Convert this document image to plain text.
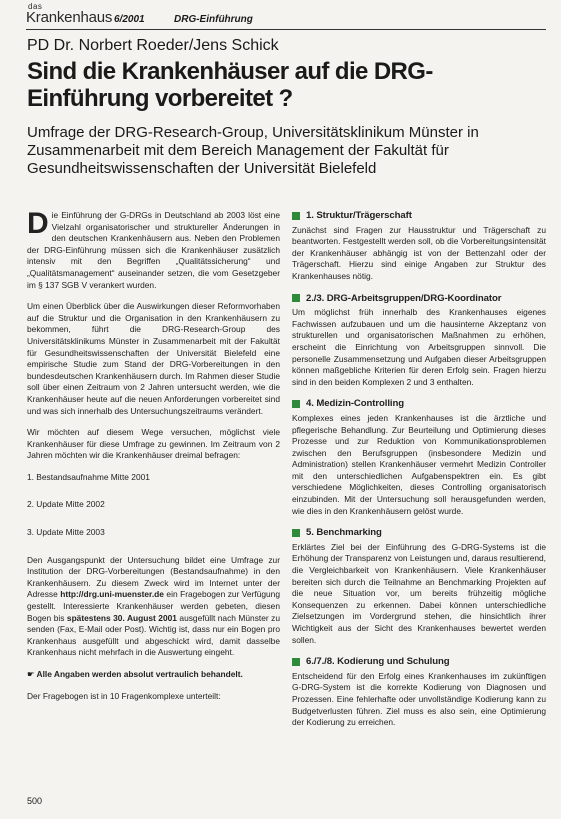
das
Krankenhaus 6/2001	DRG-Einführung
PD Dr. Norbert Roeder/Jens Schick
Sind die Krankenhäuser auf die DRG-Einführung vorbereitet ?

Umfrage der DRG-Research-Group, Universitätsklinikum Münster in Zusammenarbeit mit dem Bereich Management der Fakultät für Gesundheitswissenschaften der Universität Bielefeld

Die Einführung der G-DRGs in Deutschland ab 2003 löst eine Vielzahl organisatorischer und struktureller Änderungen in den deutschen Krankenhäusern aus. Neben den Problemen der DRG-Einführung müssen sich die Krankenhäuser zusätzlich intensiv mit den Begriffen „Qualitätssicherung“ und „Qualitätsmanagement“ auseinander setzen, die vom Gesetzgeber im § 137 SGB V verankert wurden.

Um einen Überblick über die Auswirkungen dieser Reformvorhaben auf die Struktur und die Organisation in den Krankenhäusern zu bekommen, führt die DRG-Research-Group des Universitätsklinikums Münster in Zusammenarbeit mit der Fakultät für Gesundheitswissenschaften der Universität Bielefeld eine empirische Studie zum Stand der DRG-Vorbereitungen in den bundesdeutschen Krankenhäusern durch. Im Rahmen dieser Studie soll über einen Zeitraum von 2 Jahren untersucht werden, wie die Krankenhäuser heute auf die neuen Anforderungen vorbereitet sind und was sich innerhalb des Untersuchungszeitraums verändert.

Wir möchten auf diesem Wege versuchen, möglichst viele Krankenhäuser für diese Umfrage zu gewinnen. Im Zeitraum von 2 Jahren möchten wir die Krankenhäuser dreimal befragen:

1. Bestandsaufnahme Mitte 2001
2. Update Mitte 2002
3. Update Mitte 2003

Den Ausgangspunkt der Untersuchung bildet eine Umfrage zur Institution der DRG-Vorbereitungen (Bestandsaufnahme) in den Krankenhäusern. Zu diesem Zweck wird im Internet unter der Adresse http://drg.uni-muenster.de ein Fragebogen zur Verfügung gestellt. Interessierte Krankenhäuser werden gebeten, diesen Bogen bis spätestens 30. August 2001 ausgefüllt nach Münster zu senden (Fax, E-Mail oder Post). Wichtig ist, dass nur ein Bogen pro Krankenhaus ausgefüllt und abgeschickt wird, damit dasselbe Krankenhaus nicht mehrfach in die Auswertung eingeht.

☛ Alle Angaben werden absolut vertraulich behandelt.

Der Fragebogen ist in 10 Fragenkomplexe unterteilt:

1. Struktur/Trägerschaft

Zunächst sind Fragen zur Hausstruktur und Trägerschaft zu beantworten. Festgestellt werden soll, ob die Vorbereitungsintensität der Krankenhäuser abhängig ist von der Bettenzahl oder der Trägerschaft. Hierzu sind einige Angaben zur Struktur des Krankenhauses nötig.

2./3. DRG-Arbeitsgruppen/DRG-Koordinator

Um möglichst früh innerhalb des Krankenhauses eigenes Fachwissen aufzubauen und um die hausinterne Akzeptanz von strukturellen und organisatorischen Maßnahmen zu erhöhen, erscheint die Einrichtung von Arbeitsgruppen sinnvoll. Die personelle Zusammensetzung und Aufgaben dieser Arbeitsgruppen können maßgebliche Kriterien für deren Erfolg sein. Fragen hierzu sind in den beiden Komplexen 2 und 3 enthalten.

4. Medizin-Controlling

Komplexes eines jeden Krankenhauses ist die ärztliche und pflegerische Behandlung. Zur Beurteilung und Optimierung dieses Prozesse und zur Reduktion von Kommunikationsproblemen zwischen den Berufsgruppen (insbesondere Medizin und Administration) stellen Krankenhäuser vermehrt Medizin Controller mit den unterschiedlichen Aufgabenspektren ein. Es gibt verschiedene Möglichkeiten, dieses Controlling organisatorisch einzubinden. Mit der Untersuchung soll herausgefunden werden, wie dies in den Krankenhäusern gelöst wurde.

5. Benchmarking

Erklärtes Ziel bei der Einführung des G-DRG-Systems ist die Erhöhung der Transparenz von Leistungen und, daraus resultierend, die Vergleichbarkeit von Krankenhäusern. Viele Krankenhäuser bereiten sich durch die Teilnahme an Benchmarking Projekten auf die neue Situation vor, um bereits frühzeitig mögliche Konsequenzen zu erkennen. Dabei können unterschiedliche Zielsetzungen im Vordergrund stehen, die hinsichtlich ihrer Wichtigkeit aus der Sicht des Krankenhauses bewertet werden sollen.

6./7./8. Kodierung und Schulung

Entscheidend für den Erfolg eines Krankenhauses im zukünftigen G-DRG-System ist die korrekte Kodierung von Diagnosen und Prozessen. Eine fehlerhafte oder unvollständige Kodierung kann zu Budgetverlusten führen. Ziel muss es also sein, eine Optimierung der Kodierung zu erreichen.

500
